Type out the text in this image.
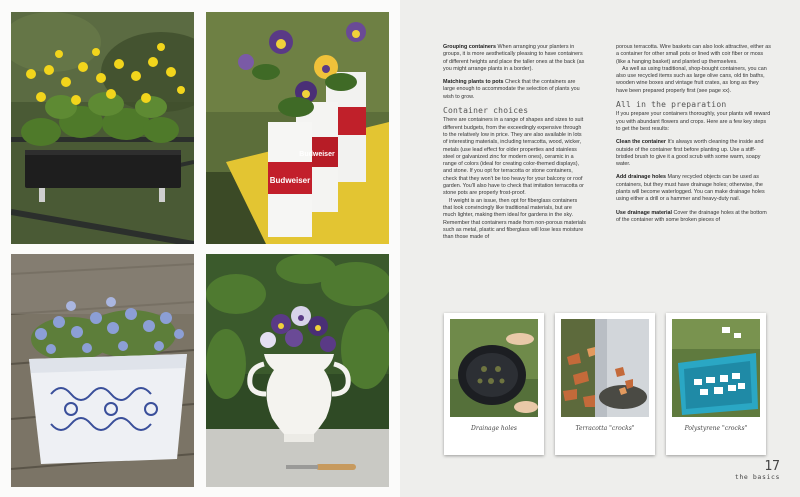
Budweiser
Budweiser

Grouping containers When arranging your planters in groups, it is more aesthetically pleasing to have containers of different heights and place the taller ones at the back (as you might arrange plants in a border).

Matching plants to pots Check that the containers are large enough to accommodate the selection of plants you wish to grow.

Container choices

There are containers in a range of shapes and sizes to suit different budgets, from the exceedingly expensive through to the relatively low in price. They are also available in lots of interesting materials, including terracotta, wood, wicker, metals (use lead effect for older properties and stainless steel or galvanized zinc for modern ones), ceramic in a range of colors (ideal for creating color-themed displays), and stone. If you opt for terracotta or stone containers, check that they won't be too heavy for your balcony or roof garden. You'll also have to check that imitation terracotta or stone pots are properly frost-proof.

If weight is an issue, then opt for fiberglass containers that look convincingly like traditional materials, but are much lighter, making them ideal for gardens in the sky. Remember that containers made from non-porous materials such as metal, plastic and fiberglass will lose less moisture than those made of

porous terracotta. Wire baskets can also look attractive, either as a container for other small pots or lined with coir fiber or moss (like a hanging basket) and planted up themselves.

As well as using traditional, shop-bought containers, you can also use recycled items such as large olive cans, old tin baths, wooden wine boxes and vintage fruit crates, as long as they have been prepared properly first (see page xx).

All in the preparation

If you prepare your containers thoroughly, your plants will reward you with abundant flowers and crops. Here are a few key steps to get the best results:

Clean the container It's always worth cleaning the inside and outside of the container first before planting up. Use a stiff-bristled brush to give it a good scrub with some warm, soapy water.

Add drainage holes Many recycled objects can be used as containers, but they must have drainage holes; otherwise, the plants will become waterlogged. You can make drainage holes using either a drill or a hammer and heavy-duty nail.

Use drainage material Cover the drainage holes at the bottom of the container with some broken pieces of

Drainage holes	Terracotta "crocks"	Polystyrene "crocks"
17
the basics
